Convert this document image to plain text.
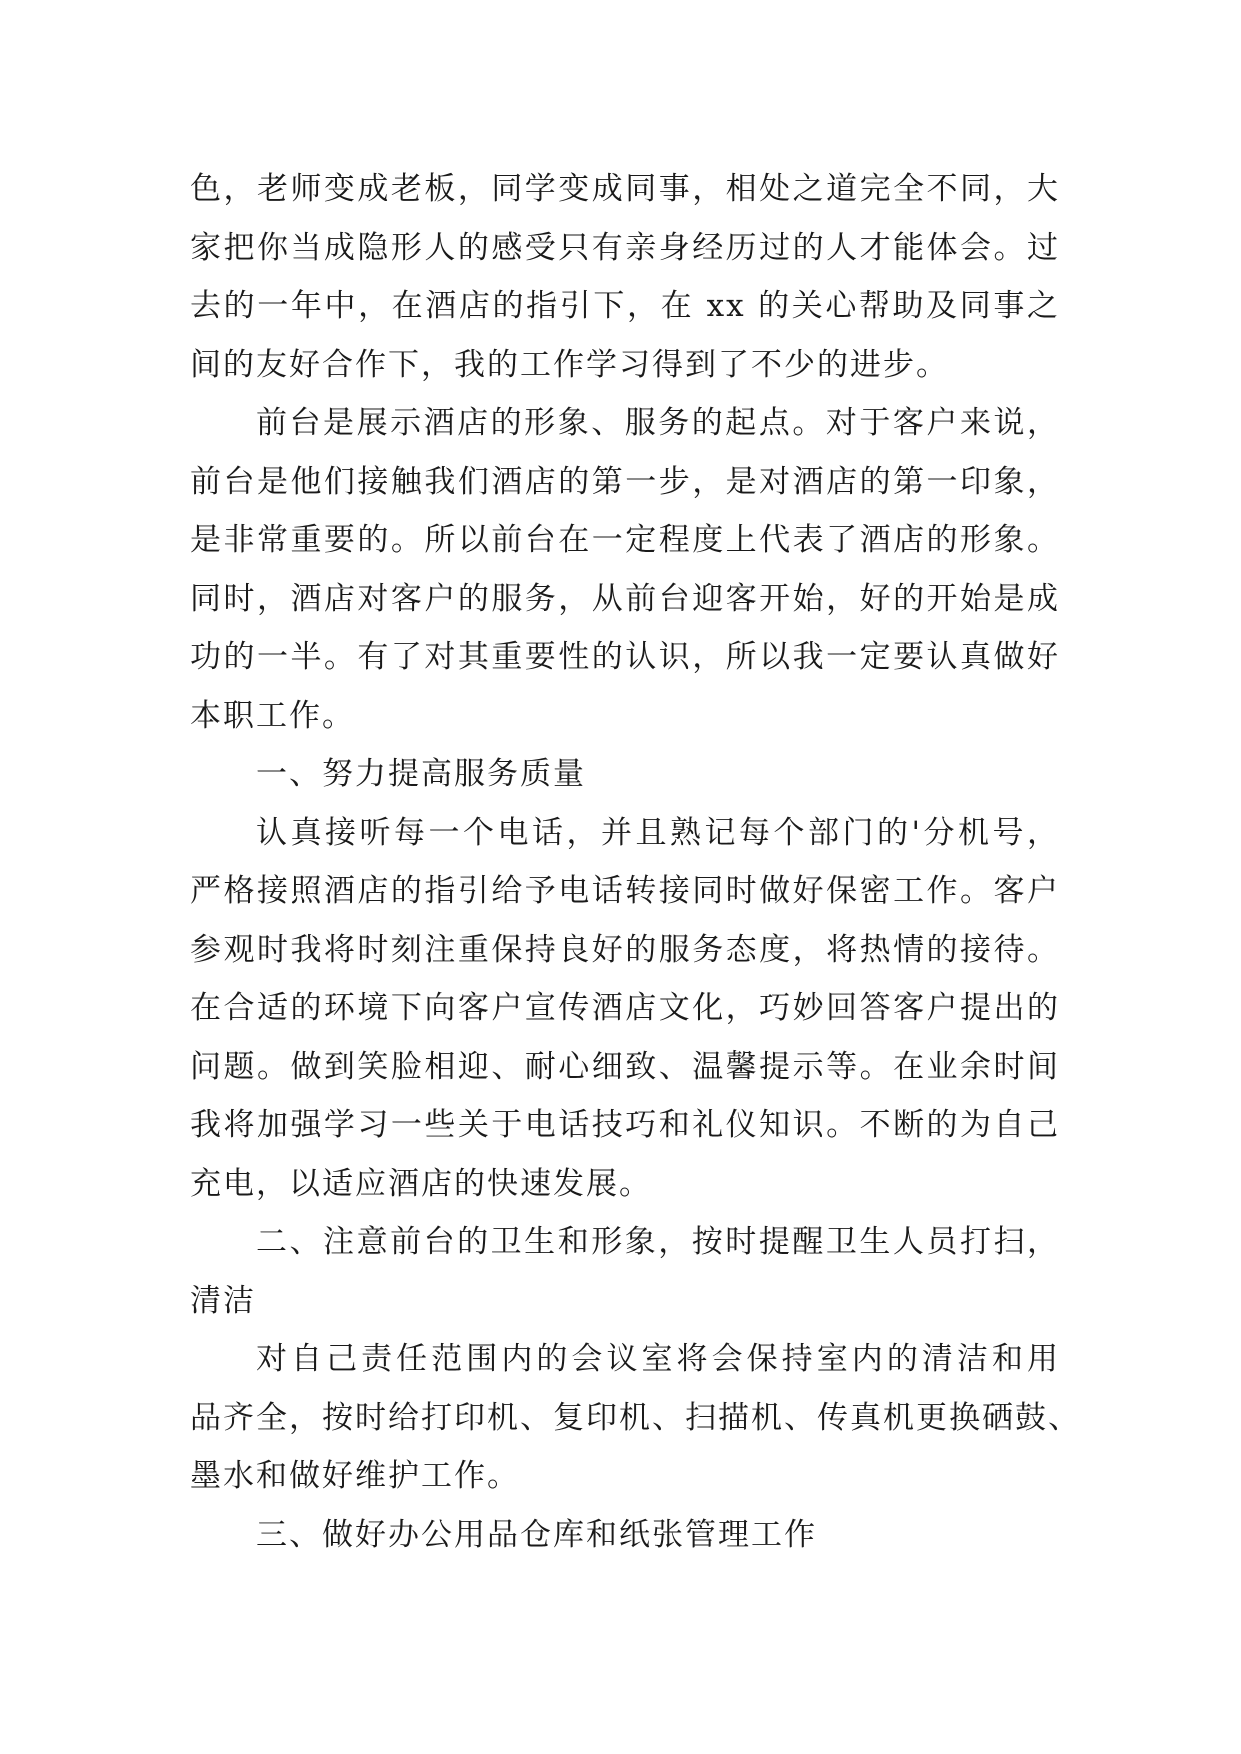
色，老师变成老板，同学变成同事，相处之道完全不同，大
家把你当成隐形人的感受只有亲身经历过的人才能体会。过
去的一年中，在酒店的指引下，在 xx 的关心帮助及同事之
间的友好合作下，我的工作学习得到了不少的进步。
前台是展示酒店的形象、服务的起点。对于客户来说，
前台是他们接触我们酒店的第一步，是对酒店的第一印象，
是非常重要的。所以前台在一定程度上代表了酒店的形象。
同时，酒店对客户的服务，从前台迎客开始，好的开始是成
功的一半。有了对其重要性的认识，所以我一定要认真做好
本职工作。
一、努力提高服务质量
认真接听每一个电话，并且熟记每个部门的'分机号，
严格接照酒店的指引给予电话转接同时做好保密工作。客户
参观时我将时刻注重保持良好的服务态度，将热情的接待。
在合适的环境下向客户宣传酒店文化，巧妙回答客户提出的
问题。做到笑脸相迎、耐心细致、温馨提示等。在业余时间
我将加强学习一些关于电话技巧和礼仪知识。不断的为自己
充电，以适应酒店的快速发展。
二、注意前台的卫生和形象，按时提醒卫生人员打扫，
清洁
对自己责任范围内的会议室将会保持室内的清洁和用
品齐全，按时给打印机、复印机、扫描机、传真机更换硒鼓、
墨水和做好维护工作。
三、做好办公用品仓库和纸张管理工作
